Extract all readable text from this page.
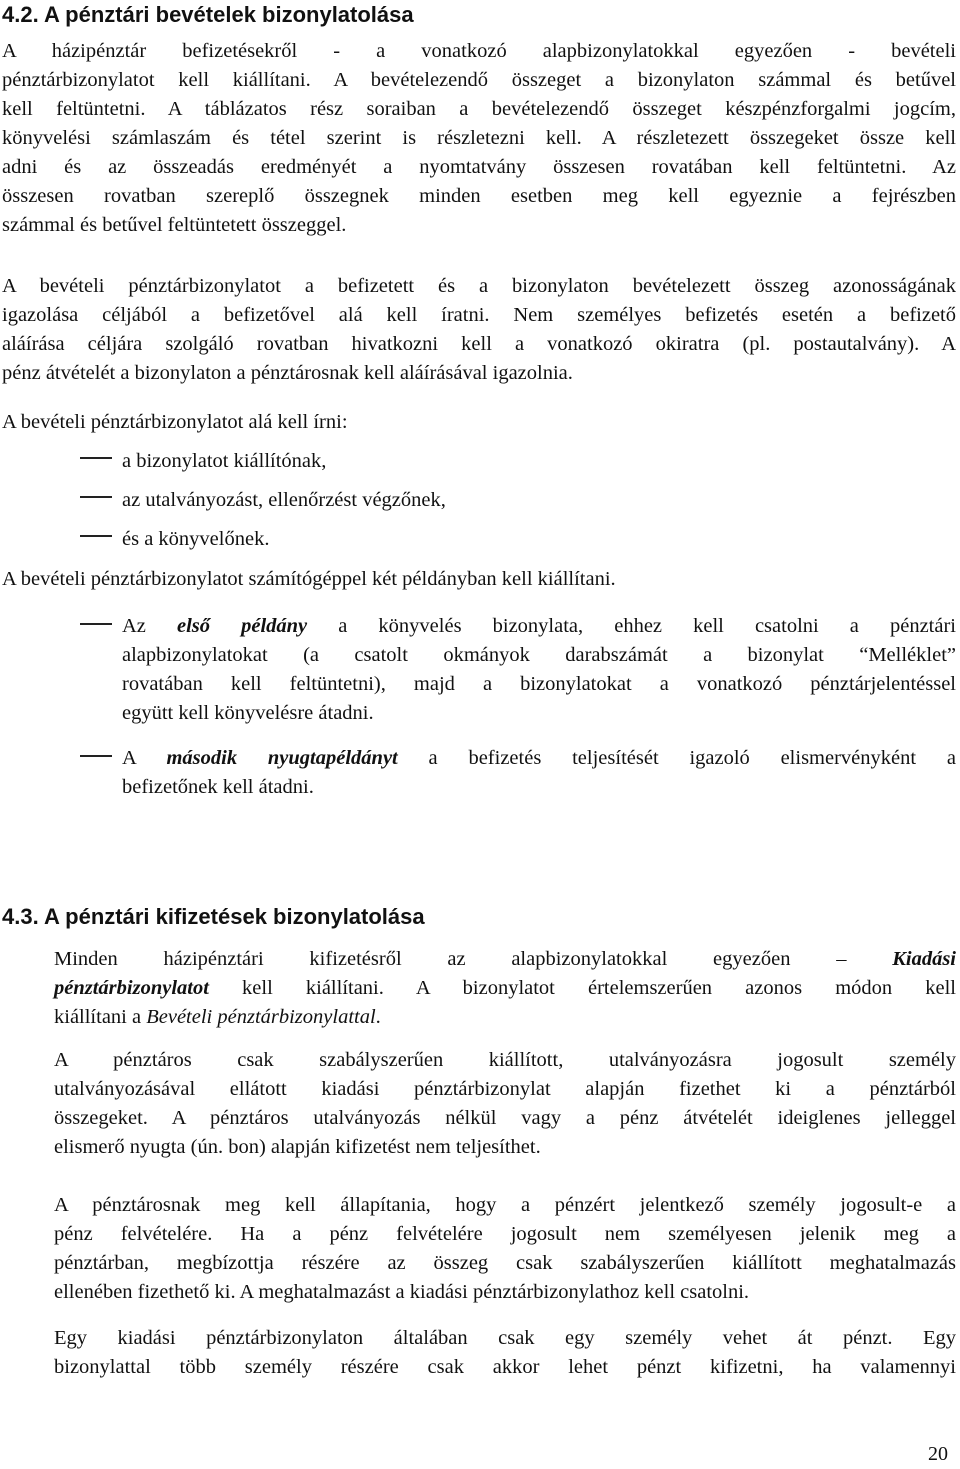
4.2. A pénztári bevételek bizonylatolása
A házipénztár befizetésekről - a vonatkozó alapbizonylatokkal egyezően - bevételi
pénztárbizonylatot kell kiállítani. A bevételezendő összeget a bizonylaton számmal és betűvel
kell feltüntetni. A táblázatos rész soraiban a bevételezendő összeget készpénzforgalmi jogcím,
könyvelési számlaszám és tétel szerint is részletezni kell. A részletezett összegeket össze kell
adni és az összeadás eredményét a nyomtatvány összesen rovatában kell feltüntetni. Az
összesen rovatban szereplő összegnek minden esetben meg kell egyeznie a fejrészben
számmal és betűvel feltüntetett összeggel.
A bevételi pénztárbizonylatot a befizetett és a bizonylaton bevételezett összeg azonosságának
igazolása céljából a befizetővel alá kell íratni. Nem személyes befizetés esetén a befizető
aláírása céljára szolgáló rovatban hivatkozni kell a vonatkozó okiratra (pl. postautalvány). A
pénz átvételét a bizonylaton a pénztárosnak kell aláírásával igazolnia.
A bevételi pénztárbizonylatot alá kell írni:
a bizonylatot kiállítónak,
az utalványozást, ellenőrzést végzőnek,
és a könyvelőnek.
A bevételi pénztárbizonylatot számítógéppel két példányban kell kiállítani.
Az első példány a könyvelés bizonylata, ehhez kell csatolni a pénztári
alapbizonylatokat (a csatolt okmányok darabszámát a bizonylat “Melléklet”
rovatában kell feltüntetni), majd a bizonylatokat a vonatkozó pénztárjelentéssel
együtt kell könyvelésre átadni.
A második nyugtapéldányt a befizetés teljesítését igazoló elismervényként a
befizetőnek kell átadni.
4.3. A pénztári kifizetések bizonylatolása
Minden házipénztári kifizetésről az alapbizonylatokkal egyezően – Kiadási
pénztárbizonylatot kell kiállítani. A bizonylatot értelemszerűen azonos módon kell
kiállítani a Bevételi pénztárbizonylattal.
A pénztáros csak szabályszerűen kiállított, utalványozásra jogosult személy
utalványozásával ellátott kiadási pénztárbizonylat alapján fizethet ki a pénztárból
összegeket. A pénztáros utalványozás nélkül vagy a pénz átvételét ideiglenes jelleggel
elismerő nyugta (ún. bon) alapján kifizetést nem teljesíthet.
A pénztárosnak meg kell állapítania, hogy a pénzért jelentkező személy jogosult-e a
pénz felvételére. Ha a pénz felvételére jogosult nem személyesen jelenik meg a
pénztárban, megbízottja részére az összeg csak szabályszerűen kiállított meghatalmazás
ellenében fizethető ki. A meghatalmazást a kiadási pénztárbizonylathoz kell csatolni.
Egy kiadási pénztárbizonylaton általában csak egy személy vehet át pénzt. Egy
bizonylattal több személy részére csak akkor lehet pénzt kifizetni, ha valamennyi
20
